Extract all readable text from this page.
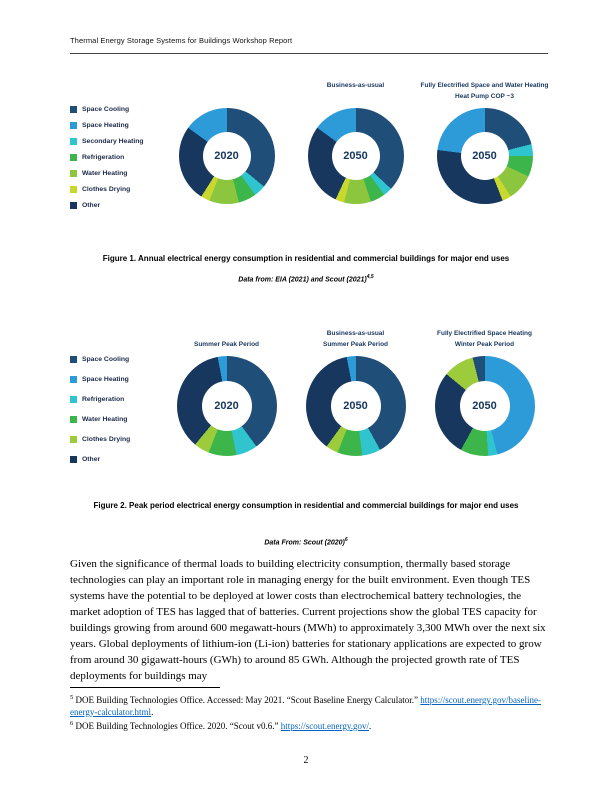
Thermal Energy Storage Systems for Buildings Workshop Report
Space Cooling
Space Heating
Secondary Heating
Refrigeration
Water Heating
Clothes Drying
Other
2020
Business-as-usual
2050
Fully Electrified Space and Water Heating
Heat Pump COP ~3
2050
Figure 1. Annual electrical energy consumption in residential and commercial buildings for major end uses
Data from: EIA (2021) and Scout $(2021)^{4,5}$
Space Cooling
Space Heating
Refrigeration
Water Heating
Clothes Drying
Other
Summer Peak Period
2020
Business-as-usual
Summer Peak Period
2050
Fully Electrified Space Heating
Winter Peak Period
2050
Figure 2. Peak period electrical energy consumption in residential and commercial buildings for major end uses
Data From: Scout $(2020)^6$
Given the significance of thermal loads to building electricity consumption, thermally based storage technologies can play an important role in managing energy for the built environment. Even though TES systems have the potential to be deployed at lower costs than electrochemical battery technologies, the market adoption of TES has lagged that of batteries. Current projections show the global TES capacity for buildings growing from around 600 megawatt-hours (MWh) to approximately 3,300 MWh over the next six years. Global deployments of lithium-ion (Li-ion) batteries for stationary applications are expected to grow from around 30 gigawatt-hours (GWh) to around 85 GWh. Although the projected growth rate of TES deployments for buildings may

$^5$ DOE Building Technologies Office. Accessed: May 2021. “Scout Baseline Energy Calculator.” https://scout.energy.gov/baseline-energy-calculator.html.

$^6$ DOE Building Technologies Office. 2020. “Scout v0.6.” https://scout.energy.gov/.

2
